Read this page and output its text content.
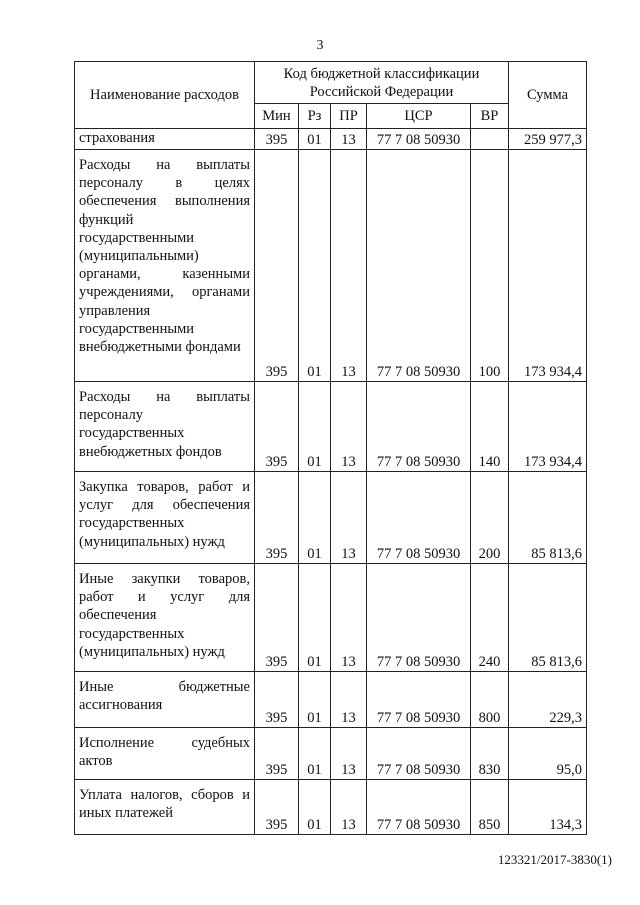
3
Наименование расходов	Код бюджетной классификации Российской Федерации					Сумма
	Мин	Рз	ПР	ЦСР	ВР	
страхования	395	01	13	77 7 08 50930		259 977,3
Расходы на выплаты персоналу в целях обеспечения выполнения функций государственными (муниципальными) органами, казенными учреждениями, органами управления государственными внебюджетными фондами	395	01	13	77 7 08 50930	100	173 934,4
Расходы на выплаты персоналу государственных внебюджетных фондов	395	01	13	77 7 08 50930	140	173 934,4
Закупка товаров, работ и услуг для обеспечения государственных (муниципальных) нужд	395	01	13	77 7 08 50930	200	85 813,6
Иные закупки товаров, работ и услуг для обеспечения государственных (муниципальных) нужд	395	01	13	77 7 08 50930	240	85 813,6
Иные бюджетные ассигнования	395	01	13	77 7 08 50930	800	229,3
Исполнение судебных актов	395	01	13	77 7 08 50930	830	95,0
Уплата налогов, сборов и иных платежей	395	01	13	77 7 08 50930	850	134,3
123321/2017-3830(1)
